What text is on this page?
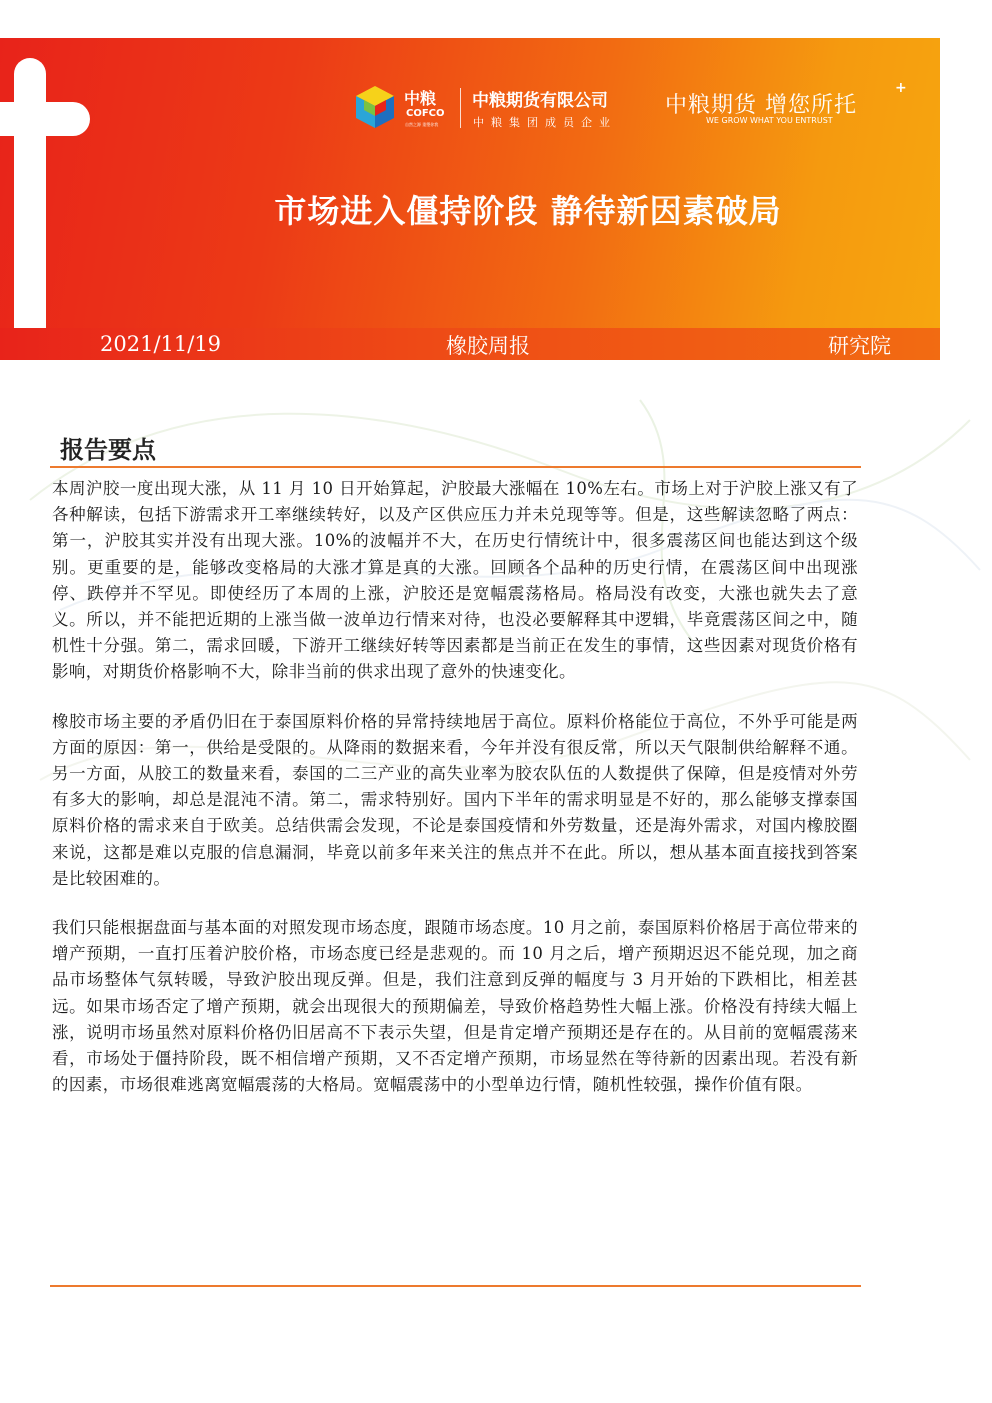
中粮
COFCO
自然之源 重塑你我
中粮期货有限公司
中粮集团成员企业
中粮期货 增您所托
+
WE GROW WHAT YOU ENTRUST
市场进入僵持阶段 静待新因素破局
2021/11/19	橡胶周报	研究院
报告要点

本周沪胶一度出现大涨，从 11 月 10 日开始算起，沪胶最大涨幅在 10%左右。市场上对于沪胶上涨又有了各种解读，包括下游需求开工率继续转好，以及产区供应压力并未兑现等等。但是，这些解读忽略了两点：第一，沪胶其实并没有出现大涨。10%的波幅并不大，在历史行情统计中，很多震荡区间也能达到这个级别。更重要的是，能够改变格局的大涨才算是真的大涨。回顾各个品种的历史行情，在震荡区间中出现涨停、跌停并不罕见。即使经历了本周的上涨，沪胶还是宽幅震荡格局。格局没有改变，大涨也就失去了意义。所以，并不能把近期的上涨当做一波单边行情来对待，也没必要解释其中逻辑，毕竟震荡区间之中，随机性十分强。第二，需求回暖，下游开工继续好转等因素都是当前正在发生的事情，这些因素对现货价格有影响，对期货价格影响不大，除非当前的供求出现了意外的快速变化。

橡胶市场主要的矛盾仍旧在于泰国原料价格的异常持续地居于高位。原料价格能位于高位，不外乎可能是两方面的原因：第一，供给是受限的。从降雨的数据来看，今年并没有很反常，所以天气限制供给解释不通。另一方面，从胶工的数量来看，泰国的二三产业的高失业率为胶农队伍的人数提供了保障，但是疫情对外劳有多大的影响，却总是混沌不清。第二，需求特别好。国内下半年的需求明显是不好的，那么能够支撑泰国原料价格的需求来自于欧美。总结供需会发现，不论是泰国疫情和外劳数量，还是海外需求，对国内橡胶圈来说，这都是难以克服的信息漏洞，毕竟以前多年来关注的焦点并不在此。所以，想从基本面直接找到答案是比较困难的。

我们只能根据盘面与基本面的对照发现市场态度，跟随市场态度。10 月之前，泰国原料价格居于高位带来的增产预期，一直打压着沪胶价格，市场态度已经是悲观的。而 10 月之后，增产预期迟迟不能兑现，加之商品市场整体气氛转暖，导致沪胶出现反弹。但是，我们注意到反弹的幅度与 3 月开始的下跌相比，相差甚远。如果市场否定了增产预期，就会出现很大的预期偏差，导致价格趋势性大幅上涨。价格没有持续大幅上涨，说明市场虽然对原料价格仍旧居高不下表示失望，但是肯定增产预期还是存在的。从目前的宽幅震荡来看，市场处于僵持阶段，既不相信增产预期，又不否定增产预期，市场显然在等待新的因素出现。若没有新的因素，市场很难逃离宽幅震荡的大格局。宽幅震荡中的小型单边行情，随机性较强，操作价值有限。
